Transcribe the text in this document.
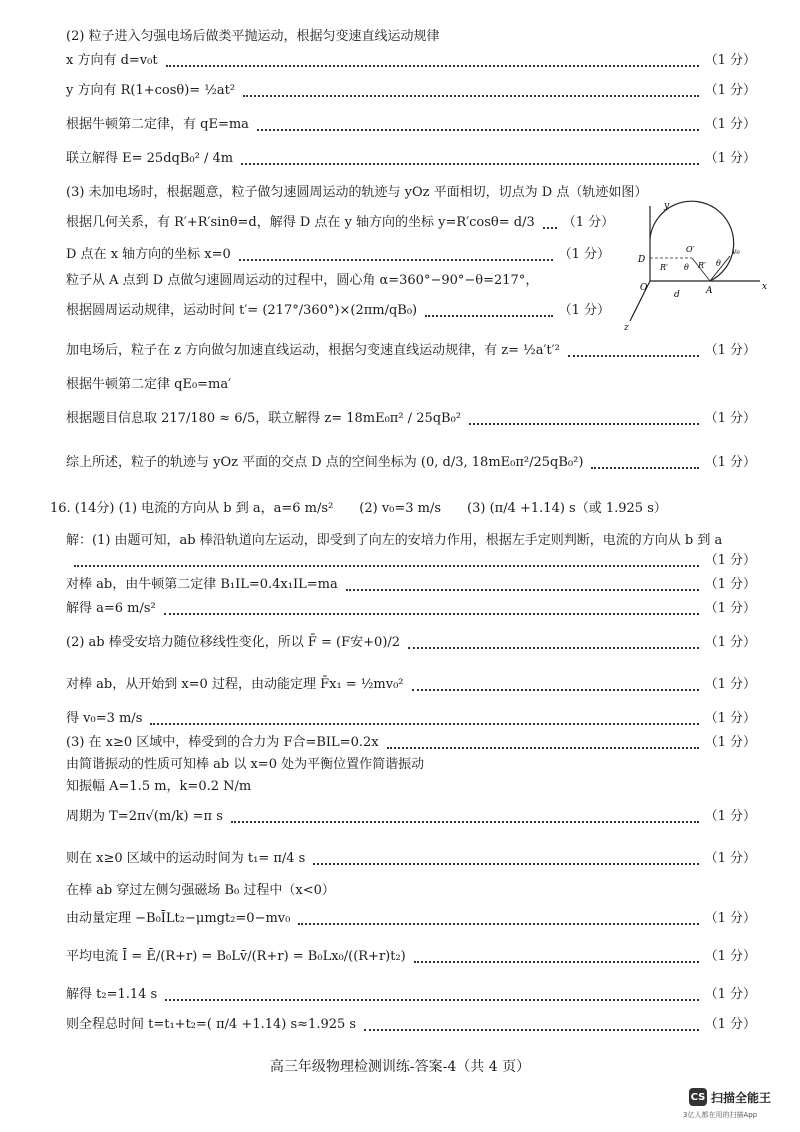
(2) 粒子进入匀强电场后做类平抛运动，根据匀变速直线运动规律
x 方向有 d=v₀t	（1 分）
y 方向有 R(1+cosθ)= ½at²	（1 分）
根据牛顿第二定律，有 qE=ma	（1 分）
联立解得 E= 25dqB₀² / 4m	（1 分）
(3) 未加电场时，根据题意，粒子做匀速圆周运动的轨迹与 yOz 平面相切，切点为 D 点（轨迹如图）
根据几何关系，有 R′+R′sinθ=d，解得 D 点在 y 轴方向的坐标 y=R′cosθ= d/3 （1 分）
D 点在 x 轴方向的坐标 x=0	（1 分）
粒子从 A 点到 D 点做匀速圆周运动的过程中，圆心角 α=360°−90°−θ=217°，
根据圆周运动规律，运动时间 t′= (217°/360°)×(2πm/qB₀)	（1 分）
y
x
z
O
D
A
R′	R′
O′
θ	θ
v₀
d
加电场后，粒子在 z 方向做匀加速直线运动，根据匀变速直线运动规律，有 z= ½a′t′²	（1 分）
根据牛顿第二定律 qE₀=ma′
根据题目信息取 217/180 ≈ 6/5，联立解得 z= 18mE₀π² / 25qB₀²	（1 分）
综上所述，粒子的轨迹与 yOz 平面的交点 D 点的空间坐标为 (0, d/3, 18mE₀π²/25qB₀²)	（1 分）
16. (14分) (1) 电流的方向从 b 到 a，a=6 m/s²　　(2) v₀=3 m/s　　(3) (π/4 +1.14) s（或 1.925 s）
解：(1) 由题可知，ab 棒沿轨道向左运动，即受到了向左的安培力作用，根据左手定则判断，电流的方向从 b 到 a
（1 分）
对棒 ab，由牛顿第二定律 B₁IL=0.4x₁IL=ma	（1 分）
解得 a=6 m/s²	（1 分）
(2) ab 棒受安培力随位移线性变化，所以 F̄ = (F安+0)/2	（1 分）
对棒 ab，从开始到 x=0 过程，由动能定理 F̄x₁ = ½mv₀²	（1 分）
得 v₀=3 m/s	（1 分）
(3) 在 x≥0 区域中，棒受到的合力为 F合=BIL=0.2x	（1 分）
由简谐振动的性质可知棒 ab 以 x=0 处为平衡位置作简谐振动
知振幅 A=1.5 m，k=0.2 N/m
周期为 T=2π√(m/k) =π s	（1 分）
则在 x≥0 区域中的运动时间为 t₁= π/4 s	（1 分）
在棒 ab 穿过左侧匀强磁场 B₀ 过程中（x<0）
由动量定理 −B₀ĪLt₂−μmgt₂=0−mv₀	（1 分）
平均电流 Ī = Ē/(R+r) = B₀Lv̄/(R+r) = B₀Lx₀/((R+r)t₂)	（1 分）
解得 t₂=1.14 s	（1 分）
则全程总时间 t=t₁+t₂=( π/4 +1.14) s≈1.925 s	（1 分）
高三年级物理检测训练-答案-4（共 4 页）
CS 扫描全能王
3亿人都在用的扫描App
